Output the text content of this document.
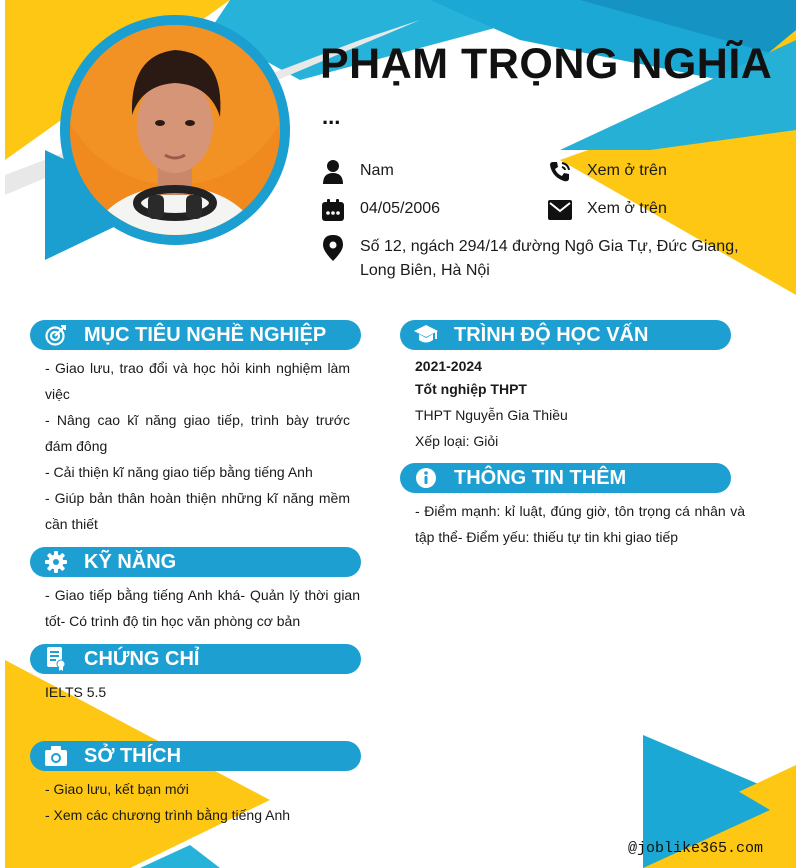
PHẠM TRỌNG NGHĨA
...
Nam	Xem ở trên
04/05/2006	Xem ở trên
Số 12, ngách 294/14 đường Ngô Gia Tự, Đức Giang, Long Biên, Hà Nội
MỤC TIÊU NGHỀ NGHIỆP

- Giao lưu, trao đổi và học hỏi kinh nghiệm làm việc

- Nâng cao kĩ năng giao tiếp, trình bày trước đám đông

- Cải thiện kĩ năng giao tiếp bằng tiếng Anh

- Giúp bản thân hoàn thiện những kĩ năng mềm cần thiết

KỸ NĂNG

- Giao tiếp bằng tiếng Anh khá- Quản lý thời gian tốt- Có trình độ tin học văn phòng cơ bản

CHỨNG CHỈ

IELTS 5.5

SỞ THÍCH

- Giao lưu, kết bạn mới

- Xem các chương trình bằng tiếng Anh

TRÌNH ĐỘ HỌC VẤN

2021-2024

Tốt nghiệp THPT

THPT Nguyễn Gia Thiều

Xếp loại: Giỏi

THÔNG TIN THÊM

- Điểm mạnh: kỉ luật, đúng giờ, tôn trọng cá nhân và tập thể- Điểm yếu: thiếu tự tin khi giao tiếp

@joblike365.com
